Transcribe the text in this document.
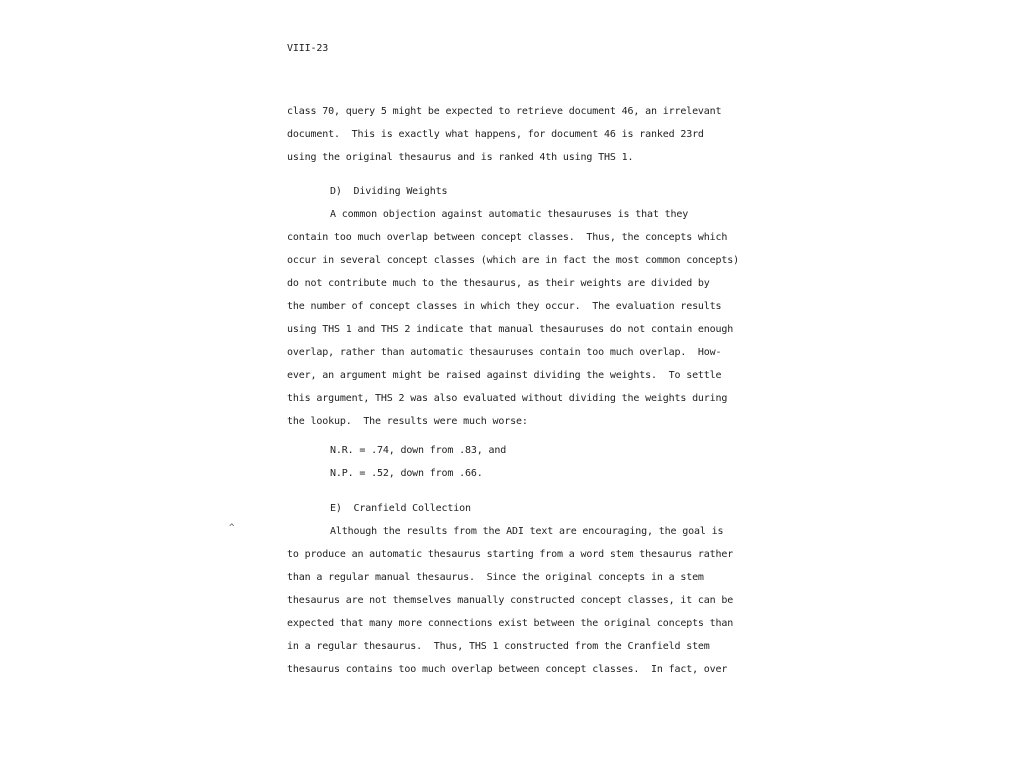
VIII-23
class 70, query 5 might be expected to retrieve document 46, an irrelevant
document.  This is exactly what happens, for document 46 is ranked 23rd
using the original thesaurus and is ranked 4th using THS 1.
D)  Dividing Weights
A common objection against automatic thesauruses is that they
contain too much overlap between concept classes.  Thus, the concepts which
occur in several concept classes (which are in fact the most common concepts)
do not contribute much to the thesaurus, as their weights are divided by
the number of concept classes in which they occur.  The evaluation results
using THS 1 and THS 2 indicate that manual thesauruses do not contain enough
overlap, rather than automatic thesauruses contain too much overlap.  How-
ever, an argument might be raised against dividing the weights.  To settle
this argument, THS 2 was also evaluated without dividing the weights during
the lookup.  The results were much worse:
N.R. = .74, down from .83, and
N.P. = .52, down from .66.
E)  Cranfield Collection
^	Although the results from the ADI text are encouraging, the goal is
to produce an automatic thesaurus starting from a word stem thesaurus rather
than a regular manual thesaurus.  Since the original concepts in a stem
thesaurus are not themselves manually constructed concept classes, it can be
expected that many more connections exist between the original concepts than
in a regular thesaurus.  Thus, THS 1 constructed from the Cranfield stem
thesaurus contains too much overlap between concept classes.  In fact, over
